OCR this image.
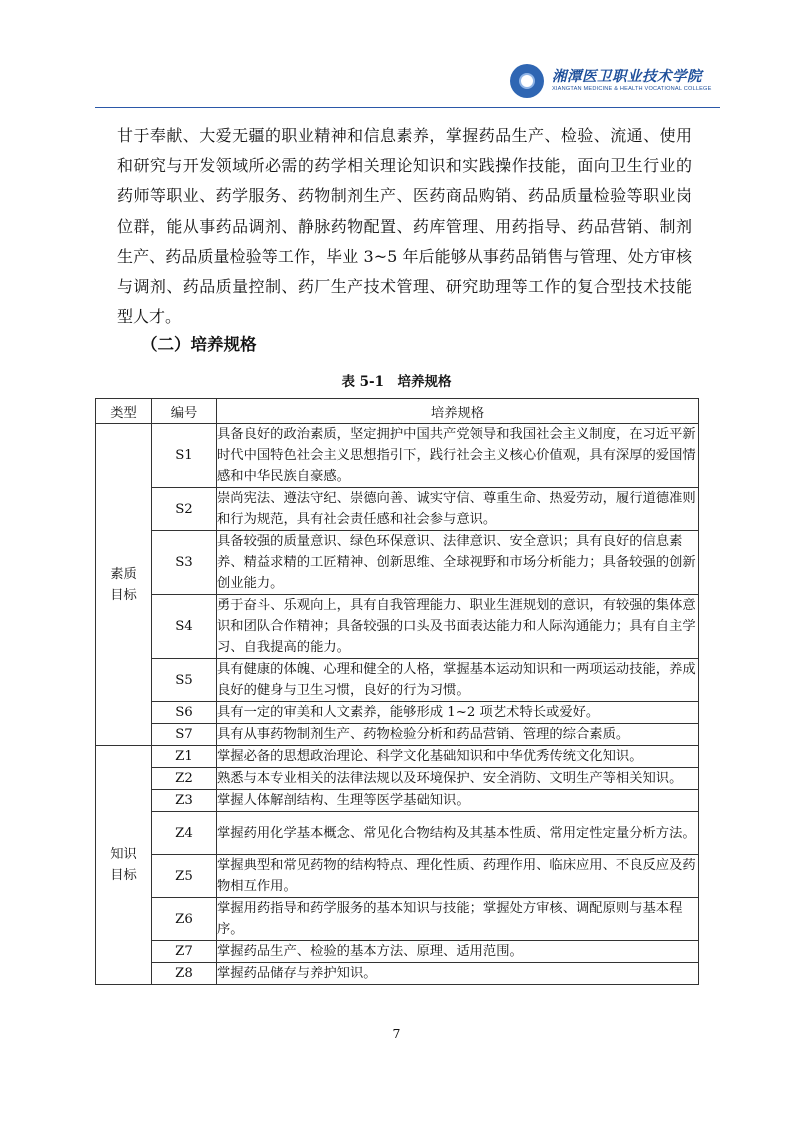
湘潭医卫职业技术学院
XIANGTAN MEDICINE & HEALTH VOCATIONAL COLLEGE

甘于奉献、大爱无疆的职业精神和信息素养，掌握药品生产、检验、流通、使用和研究与开发领域所必需的药学相关理论知识和实践操作技能，面向卫生行业的药师等职业、药学服务、药物制剂生产、医药商品购销、药品质量检验等职业岗位群，能从事药品调剂、静脉药物配置、药库管理、用药指导、药品营销、制剂生产、药品质量检验等工作，毕业 3~5 年后能够从事药品销售与管理、处方审核与调剂、药品质量控制、药厂生产技术管理、研究助理等工作的复合型技术技能型人才。

（二）培养规格

表 5-1　培养规格

类型	编号	培养规格

素质
目标	S1	具备良好的政治素质，坚定拥护中国共产党领导和我国社会主义制度，在习近平新时代中国特色社会主义思想指引下，践行社会主义核心价值观，具有深厚的爱国情感和中华民族自豪感。
	S2	崇尚宪法、遵法守纪、崇德向善、诚实守信、尊重生命、热爱劳动，履行道德准则和行为规范，具有社会责任感和社会参与意识。
	S3	具备较强的质量意识、绿色环保意识、法律意识、安全意识；具有良好的信息素养、精益求精的工匠精神、创新思维、全球视野和市场分析能力；具备较强的创新创业能力。
	S4	勇于奋斗、乐观向上，具有自我管理能力、职业生涯规划的意识，有较强的集体意识和团队合作精神；具备较强的口头及书面表达能力和人际沟通能力；具有自主学习、自我提高的能力。
	S5	具有健康的体魄、心理和健全的人格，掌握基本运动知识和一两项运动技能，养成良好的健身与卫生习惯，良好的行为习惯。
	S6	具有一定的审美和人文素养，能够形成 1~2 项艺术特长或爱好。
	S7	具有从事药物制剂生产、药物检验分析和药品营销、管理的综合素质。

知识
目标	Z1	掌握必备的思想政治理论、科学文化基础知识和中华优秀传统文化知识。
	Z2	熟悉与本专业相关的法律法规以及环境保护、安全消防、文明生产等相关知识。
	Z3	掌握人体解剖结构、生理等医学基础知识。
	Z4	掌握药用化学基本概念、常见化合物结构及其基本性质、常用定性定量分析方法。
	Z5	掌握典型和常见药物的结构特点、理化性质、药理作用、临床应用、不良反应及药物相互作用。
	Z6	掌握用药指导和药学服务的基本知识与技能；掌握处方审核、调配原则与基本程序。
	Z7	掌握药品生产、检验的基本方法、原理、适用范围。
	Z8	掌握药品储存与养护知识。
7
